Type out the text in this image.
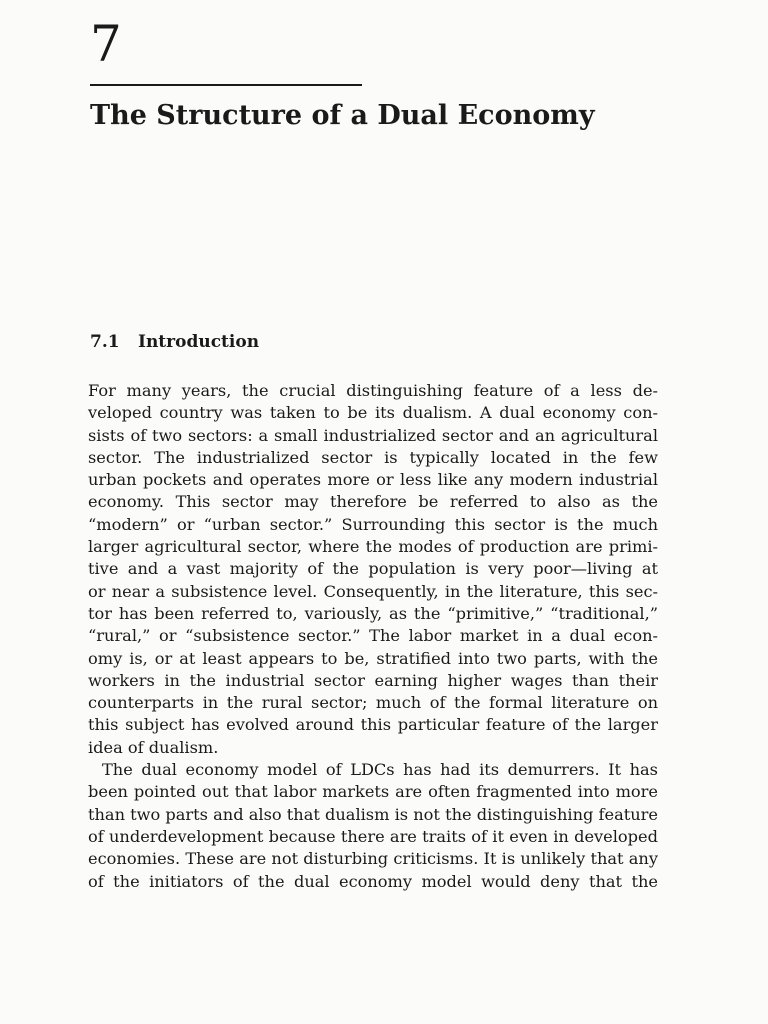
7
The Structure of a Dual Economy
7.1 Introduction
For many years, the crucial distinguishing feature of a less de-
veloped country was taken to be its dualism. A dual economy con-
sists of two sectors: a small industrialized sector and an agricultural
sector. The industrialized sector is typically located in the few
urban pockets and operates more or less like any modern industrial
economy. This sector may therefore be referred to also as the
“modern” or “urban sector.” Surrounding this sector is the much
larger agricultural sector, where the modes of production are primi-
tive and a vast majority of the population is very poor—living at
or near a subsistence level. Consequently, in the literature, this sec-
tor has been referred to, variously, as the “primitive,” “traditional,”
“rural,” or “subsistence sector.” The labor market in a dual econ-
omy is, or at least appears to be, stratified into two parts, with the
workers in the industrial sector earning higher wages than their
counterparts in the rural sector; much of the formal literature on
this subject has evolved around this particular feature of the larger
idea of dualism.
The dual economy model of LDCs has had its demurrers. It has
been pointed out that labor markets are often fragmented into more
than two parts and also that dualism is not the distinguishing feature
of underdevelopment because there are traits of it even in developed
economies. These are not disturbing criticisms. It is unlikely that any
of the initiators of the dual economy model would deny that the
